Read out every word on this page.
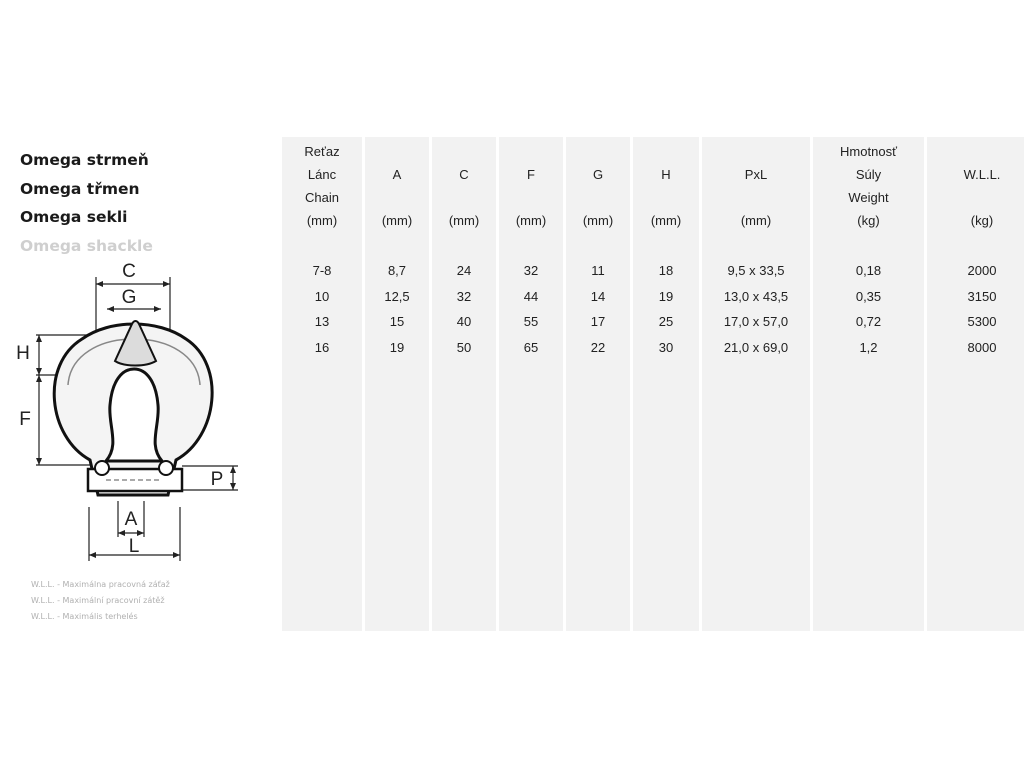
Omega strmeň
Omega třmen
Omega sekli
Omega shackle
C
G
H
F
P
A
L
W.L.L. - Maximálna pracovná záťaž
W.L.L. - Maximální pracovní zátěž
W.L.L. - Maximális terhelés
Reťaz
Lánc
Chain
(mm)
7-8
10
13
16
A
(mm)
8,7
12,5
15
19
C
(mm)
24
32
40
50
F
(mm)
32
44
55
65
G
(mm)
11
14
17
22
H
(mm)
18
19
25
30
PxL
(mm)
9,5 x 33,5
13,0 x 43,5
17,0 x 57,0
21,0 x 69,0
Hmotnosť
Súly
Weight
(kg)
0,18
0,35
0,72
1,2
W.L.L.
(kg)
2000
3150
5300
8000
